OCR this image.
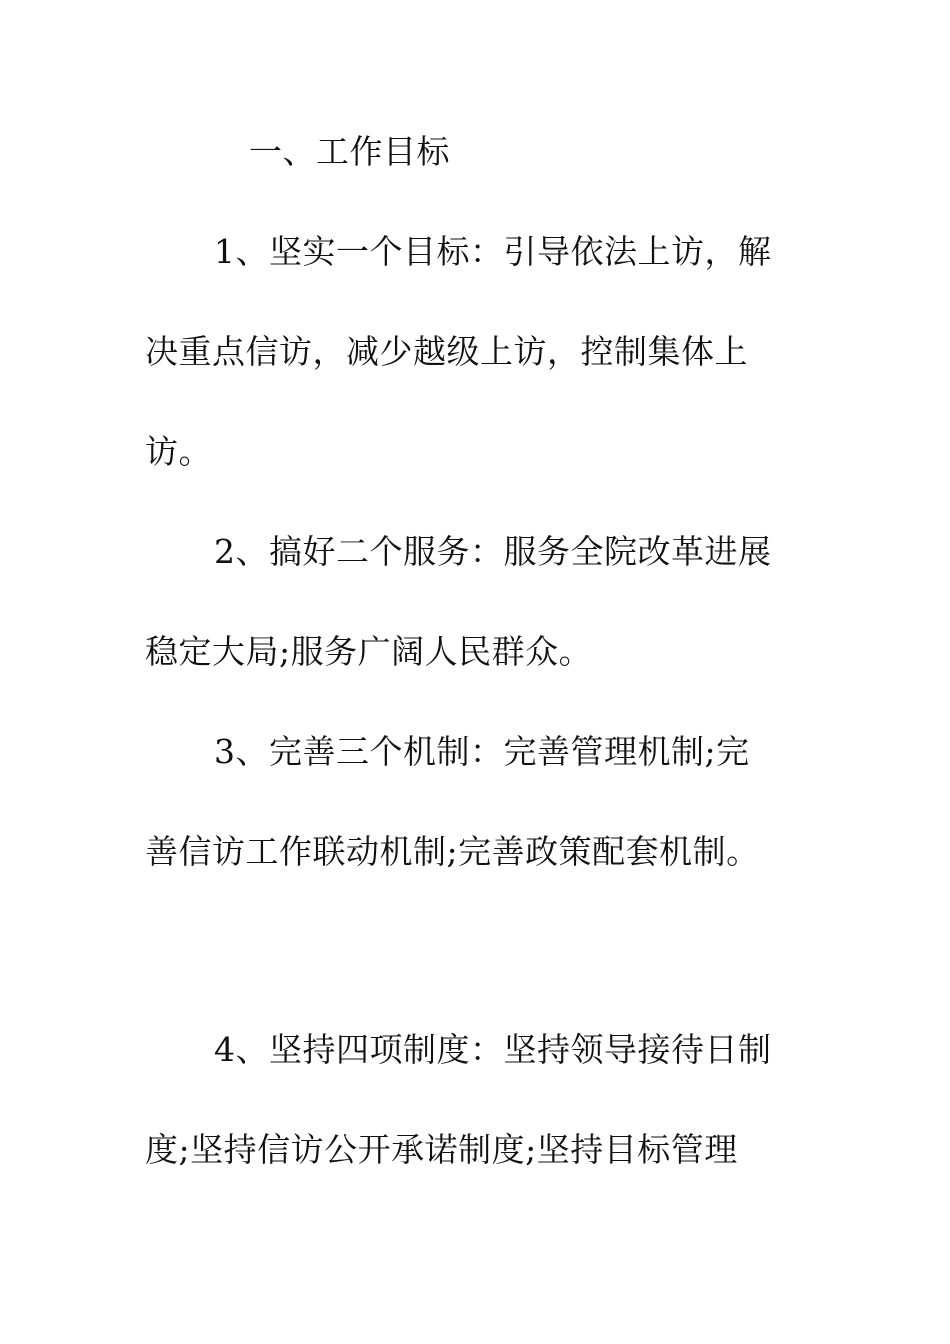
一、工作目标
1、坚实一个目标：引导依法上访，解
决重点信访，减少越级上访，控制集体上
访。
2、搞好二个服务：服务全院改革进展
稳定大局;服务广阔人民群众。
3、完善三个机制：完善管理机制;完
善信访工作联动机制;完善政策配套机制。
4、坚持四项制度：坚持领导接待日制
度;坚持信访公开承诺制度;坚持目标管理
